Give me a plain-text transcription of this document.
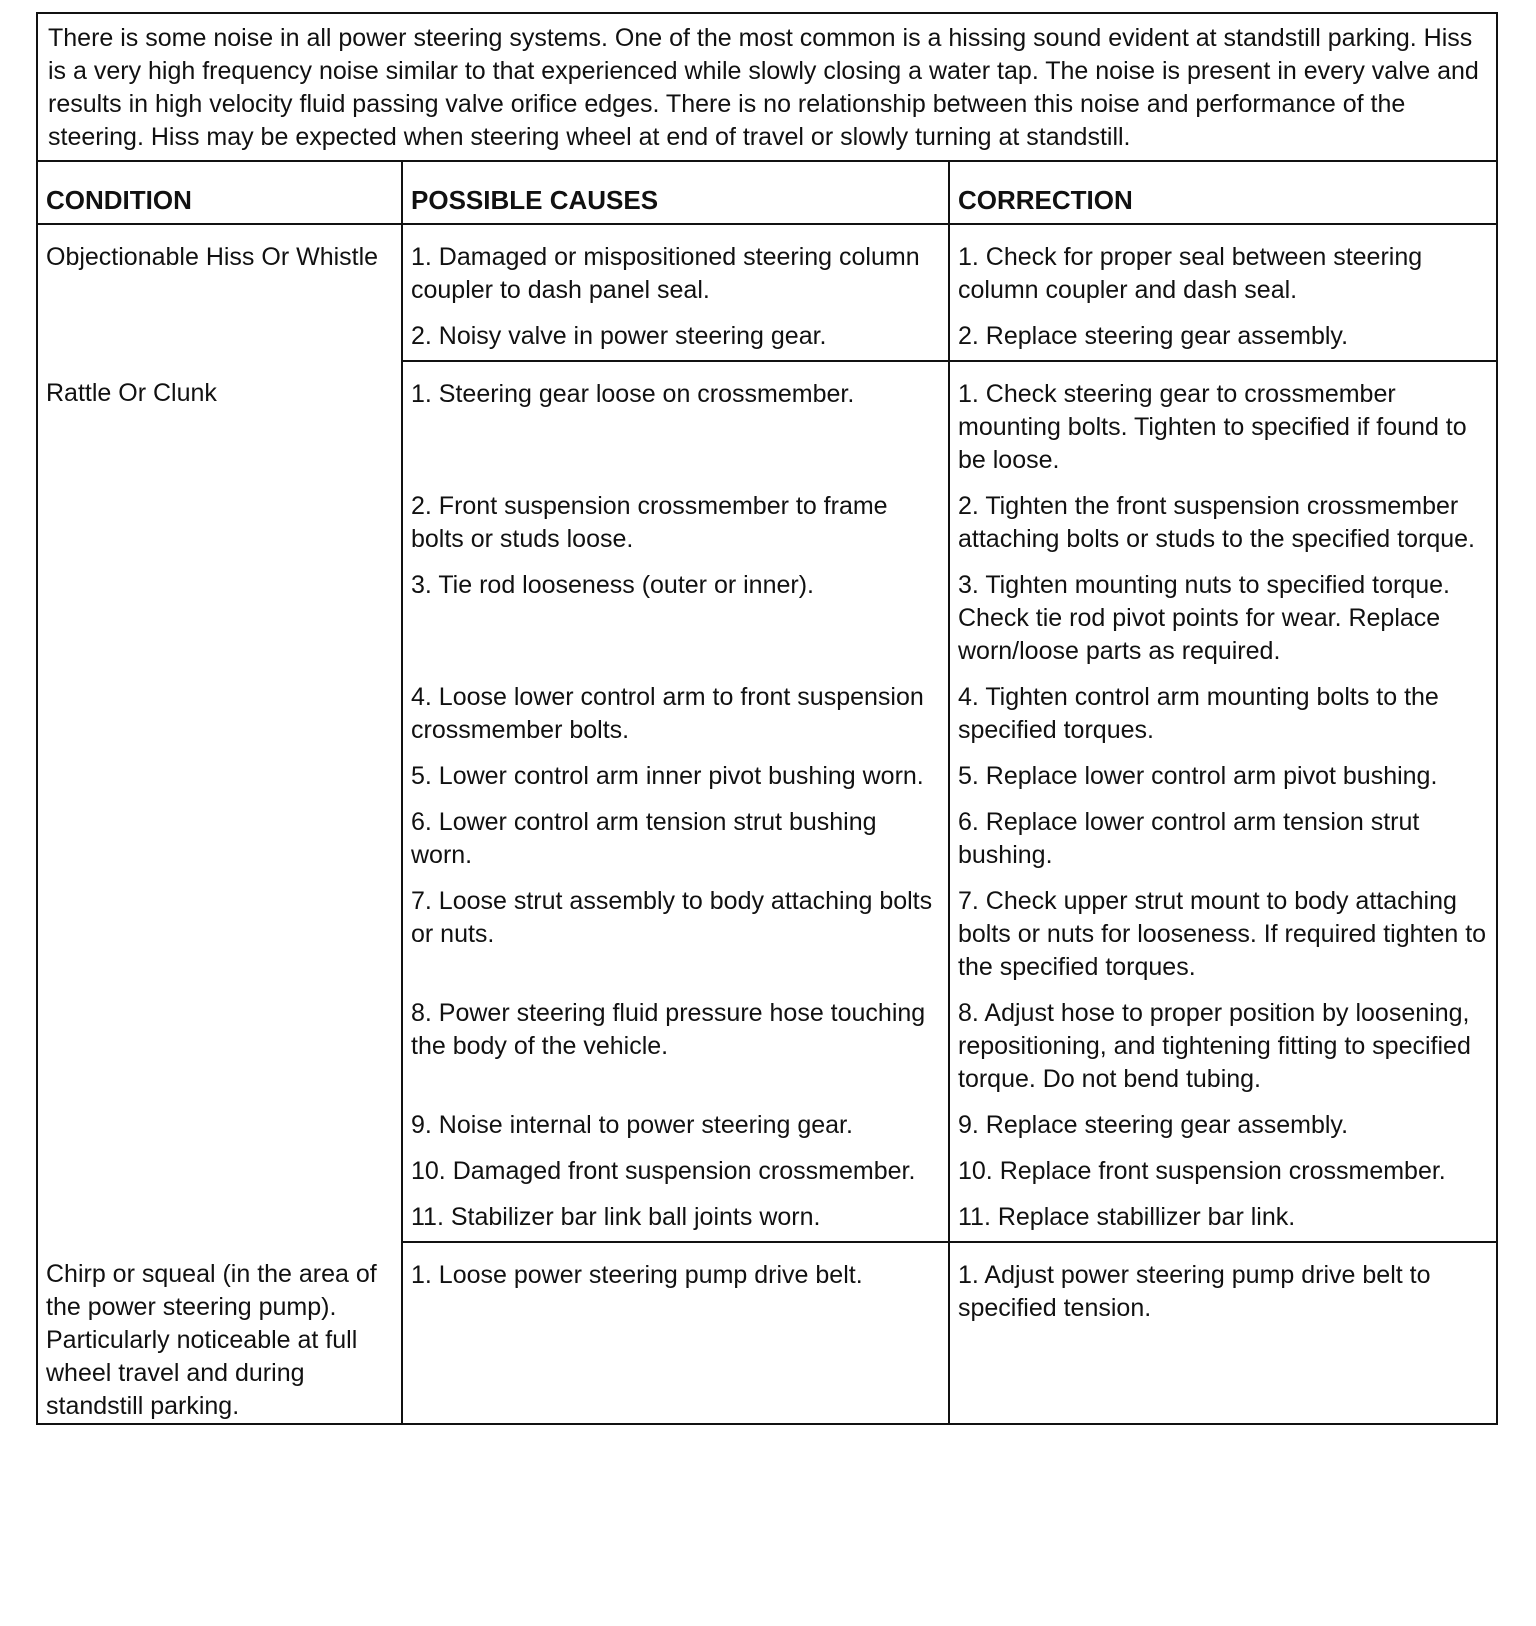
There is some noise in all power steering systems. One of the most common is a hissing sound evident at standstill parking. Hiss is a very high frequency noise similar to that experienced while slowly closing a water tap. The noise is present in every valve and results in high velocity fluid passing valve orifice edges. There is no relationship between this noise and performance of the steering. Hiss may be expected when steering wheel at end of travel or slowly turning at standstill.
CONDITION	POSSIBLE CAUSES	CORRECTION

Objectionable Hiss Or Whistle	1. Damaged or mispositioned steering column coupler to dash panel seal.	1. Check for proper seal between steering column coupler and dash seal.

	2. Noisy valve in power steering gear.	2. Replace steering gear assembly.

Rattle Or Clunk	1. Steering gear loose on crossmember.	1. Check steering gear to crossmember mounting bolts. Tighten to specified if found to be loose.

	2. Front suspension crossmember to frame bolts or studs loose.	2. Tighten the front suspension crossmember attaching bolts or studs to the specified torque.

	3. Tie rod looseness (outer or inner).	3. Tighten mounting nuts to specified torque. Check tie rod pivot points for wear. Replace worn/loose parts as required.

	4. Loose lower control arm to front suspension crossmember bolts.	4. Tighten control arm mounting bolts to the specified torques.

	5. Lower control arm inner pivot bushing worn.	5. Replace lower control arm pivot bushing.

	6. Lower control arm tension strut bushing worn.	6. Replace lower control arm tension strut bushing.

	7. Loose strut assembly to body attaching bolts or nuts.	7. Check upper strut mount to body attaching bolts or nuts for looseness. If required tighten to the specified torques.

	8. Power steering fluid pressure hose touching the body of the vehicle.	8. Adjust hose to proper position by loosening, repositioning, and tightening fitting to specified torque. Do not bend tubing.

	9. Noise internal to power steering gear.	9. Replace steering gear assembly.

	10. Damaged front suspension crossmember.	10. Replace front suspension crossmember.

	11. Stabilizer bar link ball joints worn.	11. Replace stabillizer bar link.

Chirp or squeal (in the area of the power steering pump). Particularly noticeable at full wheel travel and during standstill parking.	1. Loose power steering pump drive belt.	1. Adjust power steering pump drive belt to specified tension.
